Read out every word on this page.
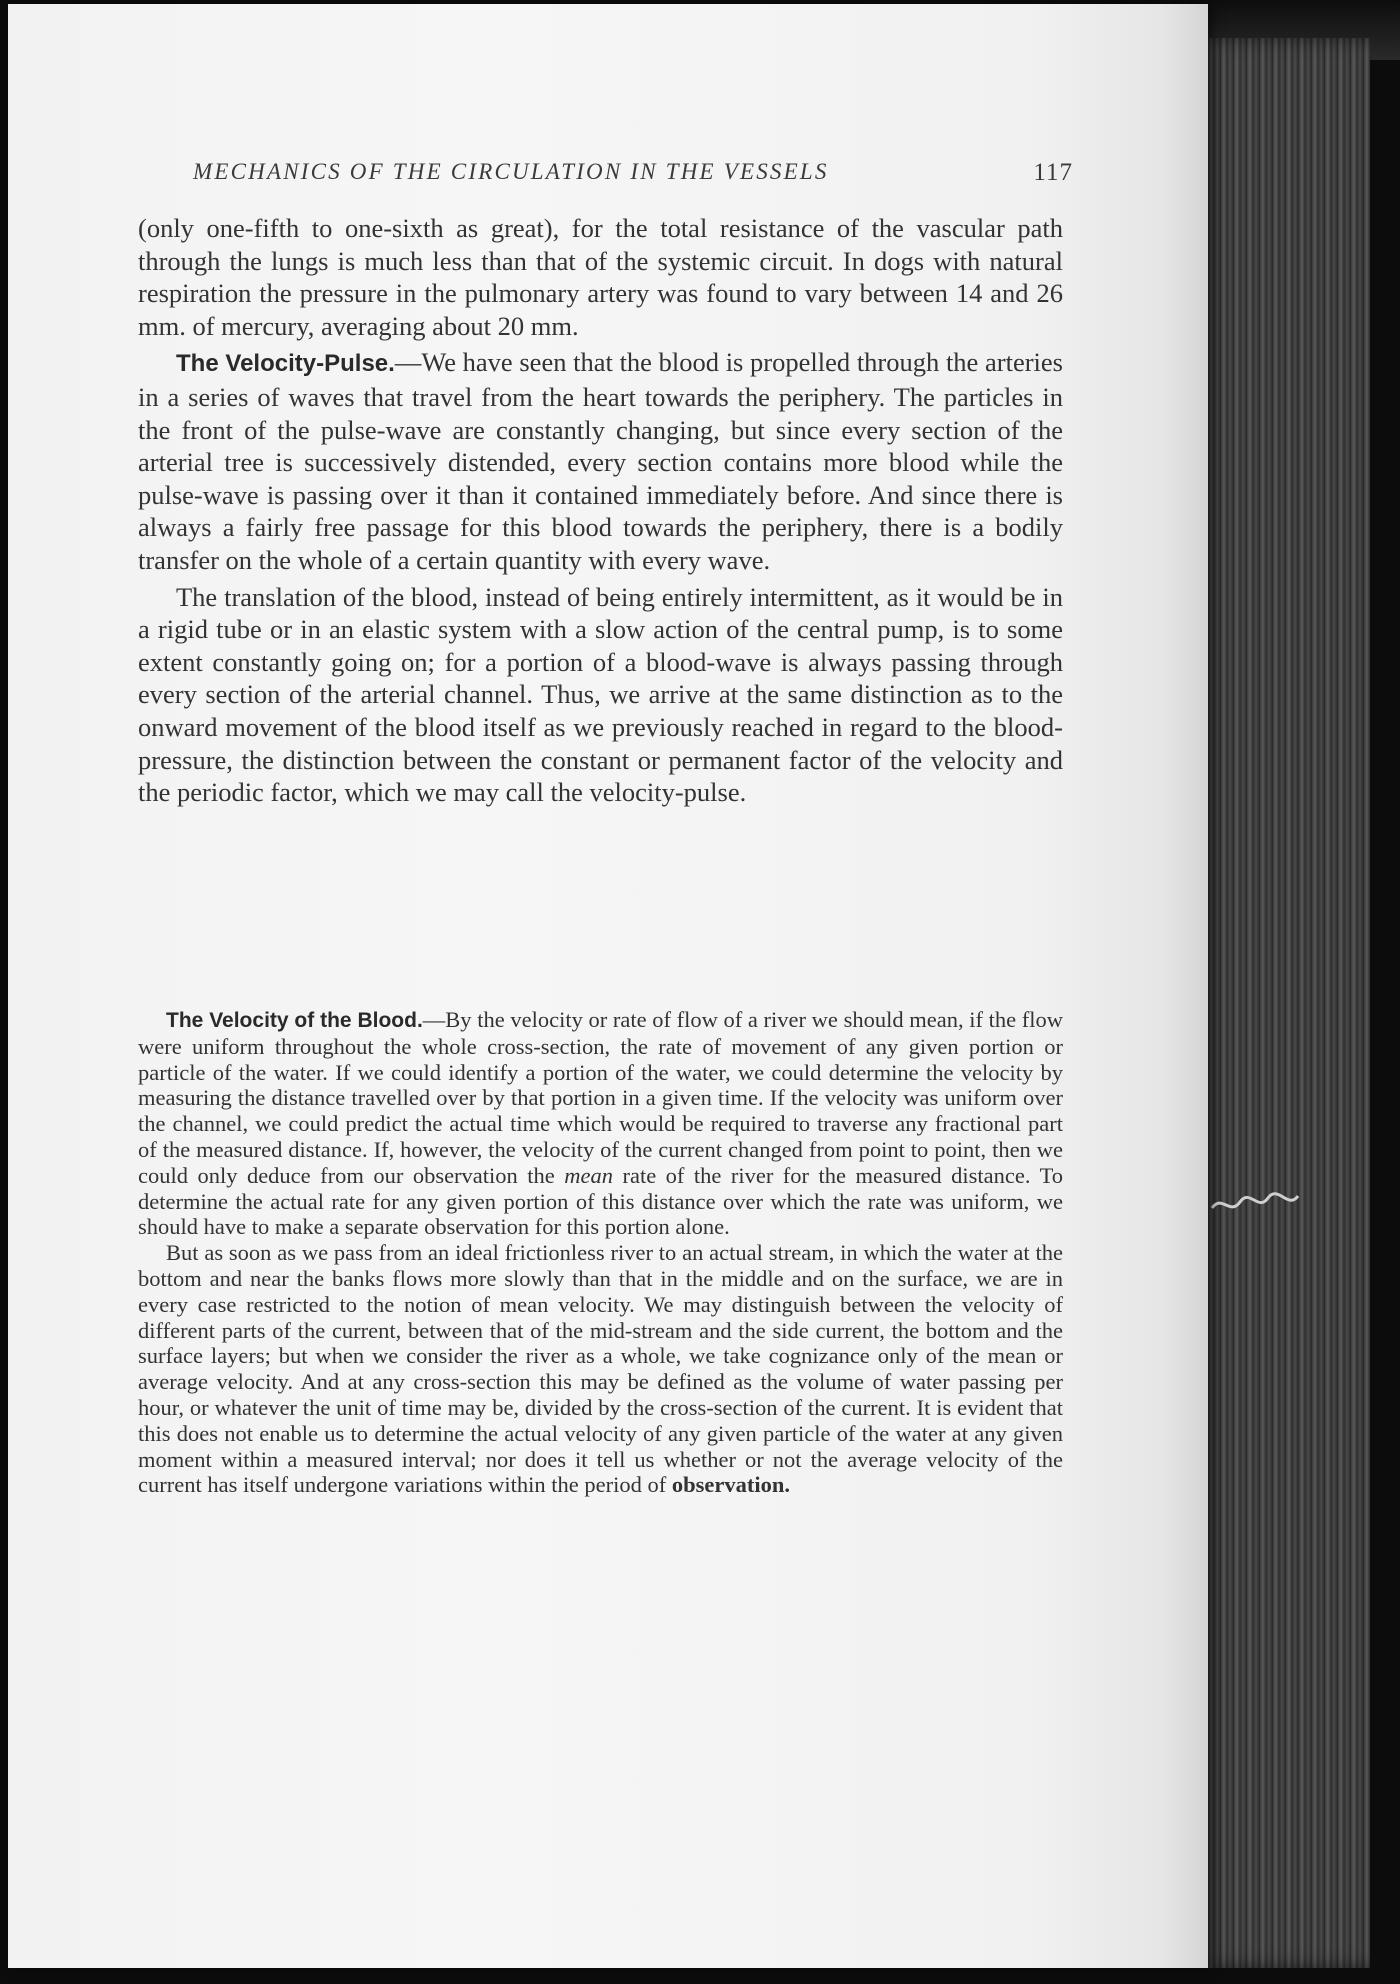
MECHANICS OF THE CIRCULATION IN THE VESSELS	117

(only one-fifth to one-sixth as great), for the total resistance of the vascular path through the lungs is much less than that of the systemic circuit. In dogs with natural respiration the pressure in the pulmonary artery was found to vary between 14 and 26 mm. of mercury, averaging about 20 mm.

The Velocity-Pulse.—We have seen that the blood is propelled through the arteries in a series of waves that travel from the heart towards the periphery. The particles in the front of the pulse-wave are constantly changing, but since every section of the arterial tree is successively distended, every section contains more blood while the pulse-wave is passing over it than it contained immediately before. And since there is always a fairly free passage for this blood towards the periphery, there is a bodily transfer on the whole of a certain quantity with every wave.

The translation of the blood, instead of being entirely intermittent, as it would be in a rigid tube or in an elastic system with a slow action of the central pump, is to some extent constantly going on; for a portion of a blood-wave is always passing through every section of the arterial channel. Thus, we arrive at the same distinction as to the onward movement of the blood itself as we previously reached in regard to the blood-pressure, the distinction between the constant or permanent factor of the velocity and the periodic factor, which we may call the velocity-pulse.

The Velocity of the Blood.—By the velocity or rate of flow of a river we should mean, if the flow were uniform throughout the whole cross-section, the rate of movement of any given portion or particle of the water. If we could identify a portion of the water, we could determine the velocity by measuring the distance travelled over by that portion in a given time. If the velocity was uniform over the channel, we could predict the actual time which would be required to traverse any fractional part of the measured distance. If, however, the velocity of the current changed from point to point, then we could only deduce from our observation the mean rate of the river for the measured distance. To determine the actual rate for any given portion of this distance over which the rate was uniform, we should have to make a separate observation for this portion alone.

But as soon as we pass from an ideal frictionless river to an actual stream, in which the water at the bottom and near the banks flows more slowly than that in the middle and on the surface, we are in every case restricted to the notion of mean velocity. We may distinguish between the velocity of different parts of the current, between that of the mid-stream and the side current, the bottom and the surface layers; but when we consider the river as a whole, we take cognizance only of the mean or average velocity. And at any cross-section this may be defined as the volume of water passing per hour, or whatever the unit of time may be, divided by the cross-section of the current. It is evident that this does not enable us to determine the actual velocity of any given particle of the water at any given moment within a measured interval; nor does it tell us whether or not the average velocity of the current has itself undergone variations within the period of observation.
